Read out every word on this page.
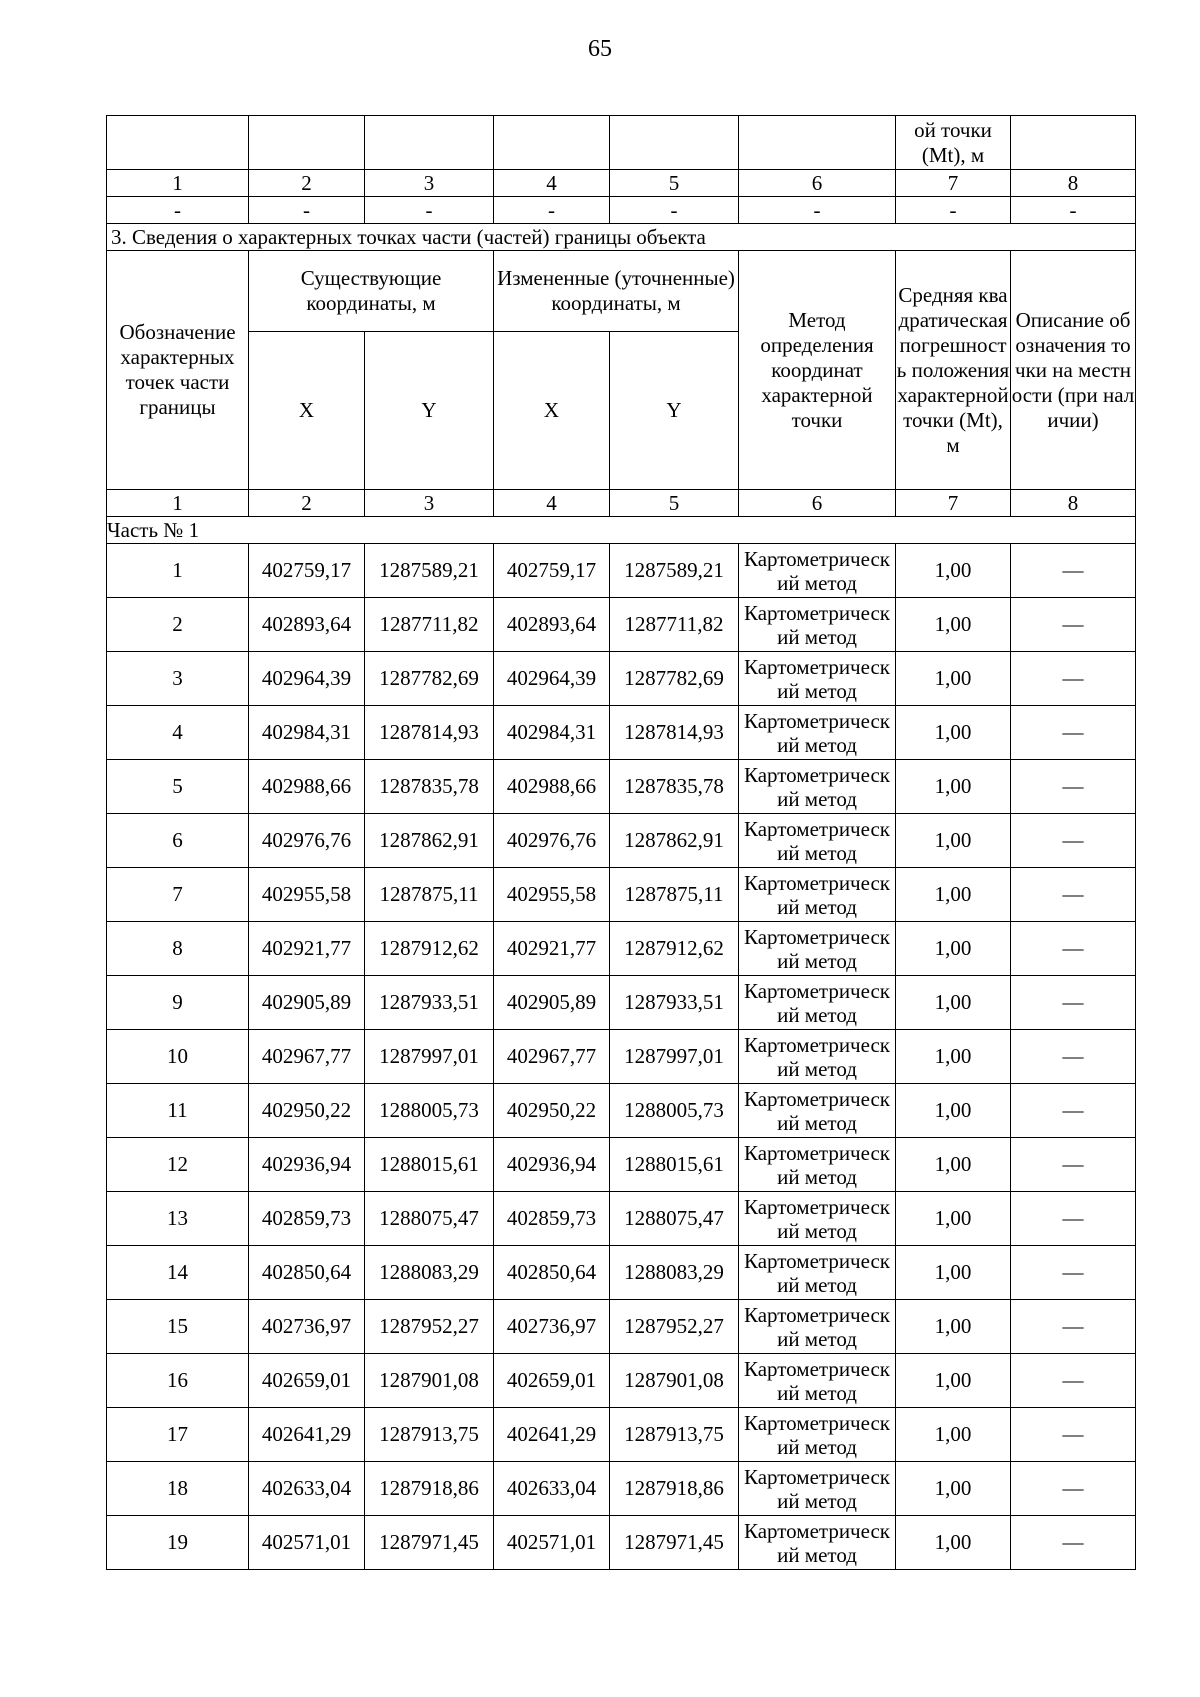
65
						ой точки (Mt), м	
1	2	3	4	5	6	7	8
-	-	-	-	-	-	-	-
3. Сведения о характерных точках части (частей) границы объекта							
Обозначение характерных точек части границы	Существующие координаты, м		Измененные (уточненные) координаты, м		Метод определения координат характерной точки	Средняя квадратическая погрешность положения характерной точки (Mt), м	Описание обозначения точки на местности (при наличии)
	X	Y	X	Y			
1	2	3	4	5	6	7	8
Часть № 1							
1	402759,17	1287589,21	402759,17	1287589,21	Картометрический метод	1,00	—
2	402893,64	1287711,82	402893,64	1287711,82	Картометрический метод	1,00	—
3	402964,39	1287782,69	402964,39	1287782,69	Картометрический метод	1,00	—
4	402984,31	1287814,93	402984,31	1287814,93	Картометрический метод	1,00	—
5	402988,66	1287835,78	402988,66	1287835,78	Картометрический метод	1,00	—
6	402976,76	1287862,91	402976,76	1287862,91	Картометрический метод	1,00	—
7	402955,58	1287875,11	402955,58	1287875,11	Картометрический метод	1,00	—
8	402921,77	1287912,62	402921,77	1287912,62	Картометрический метод	1,00	—
9	402905,89	1287933,51	402905,89	1287933,51	Картометрический метод	1,00	—
10	402967,77	1287997,01	402967,77	1287997,01	Картометрический метод	1,00	—
11	402950,22	1288005,73	402950,22	1288005,73	Картометрический метод	1,00	—
12	402936,94	1288015,61	402936,94	1288015,61	Картометрический метод	1,00	—
13	402859,73	1288075,47	402859,73	1288075,47	Картометрический метод	1,00	—
14	402850,64	1288083,29	402850,64	1288083,29	Картометрический метод	1,00	—
15	402736,97	1287952,27	402736,97	1287952,27	Картометрический метод	1,00	—
16	402659,01	1287901,08	402659,01	1287901,08	Картометрический метод	1,00	—
17	402641,29	1287913,75	402641,29	1287913,75	Картометрический метод	1,00	—
18	402633,04	1287918,86	402633,04	1287918,86	Картометрический метод	1,00	—
19	402571,01	1287971,45	402571,01	1287971,45	Картометрический метод	1,00	—
